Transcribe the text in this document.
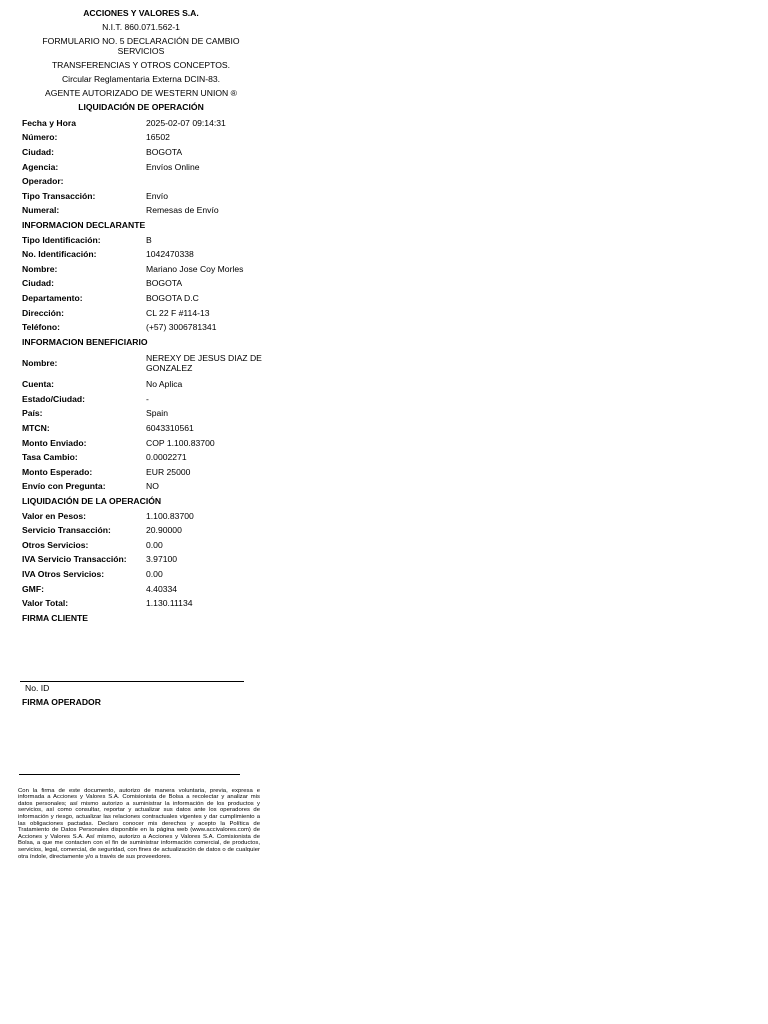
ACCIONES Y VALORES S.A.
N.I.T. 860.071.562-1
FORMULARIO NO. 5 DECLARACIÓN DE CAMBIO SERVICIOS
TRANSFERENCIAS Y OTROS CONCEPTOS.
Circular Reglamentaria Externa DCIN-83.
AGENTE AUTORIZADO DE WESTERN UNION ®
LIQUIDACIÓN DE OPERACIÓN
Fecha y Hora	2025-02-07 09:14:31
Número:	16502
Ciudad:	BOGOTA
Agencia:	Envíos Online
Operador:
Tipo Transacción:	Envío
Numeral:	Remesas de Envío
INFORMACION DECLARANTE
Tipo Identificación:	B
No. Identificación:	1042470338
Nombre:	Mariano Jose Coy Morles
Ciudad:	BOGOTA
Departamento:	BOGOTA D.C
Dirección:	CL 22 F #114-13
Teléfono:	(+57) 3006781341
INFORMACION BENEFICIARIO
Nombre:
NEREXY DE JESUS DIAZ DE GONZALEZ
Cuenta:	No Aplica
Estado/Ciudad:	-
País:	Spain
MTCN:	6043310561
Monto Enviado:	COP 1.100.83700
Tasa Cambio:	0.0002271
Monto Esperado:	EUR 25000
Envío con Pregunta:	NO
LIQUIDACIÓN DE LA OPERACIÓN
Valor en Pesos:	1.100.83700
Servicio Transacción:	20.90000
Otros Servicios:	0.00
IVA Servicio Transacción:	3.97100
IVA Otros Servicios:	0.00
GMF:	4.40334
Valor Total:	1.130.11134
FIRMA CLIENTE
No. ID
FIRMA OPERADOR
Con la firma de este documento, autorizo de manera voluntaria, previa, expresa e informada a Acciones y Valores S.A. Comisionista de Bolsa a recolectar y analizar mis datos personales; así mismo autorizo a suministrar la información de los productos y servicios, así como consultar, reportar y actualizar sus datos ante los operadores de información y riesgo, actualizar las relaciones contractuales vigentes y dar cumplimiento a las obligaciones pactadas. Declaro conocer mis derechos y acepto la Política de Tratamiento de Datos Personales disponible en la página web (www.accivalores.com) de Acciones y Valores S.A. Así mismo, autorizo a Acciones y Valores S.A. Comisionista de Bolsa, a que me contacten con el fin de suministrar información comercial, de productos, servicios, legal, comercial, de seguridad, con fines de actualización de datos o de cualquier otra índole, directamente y/o a través de sus proveedores.
